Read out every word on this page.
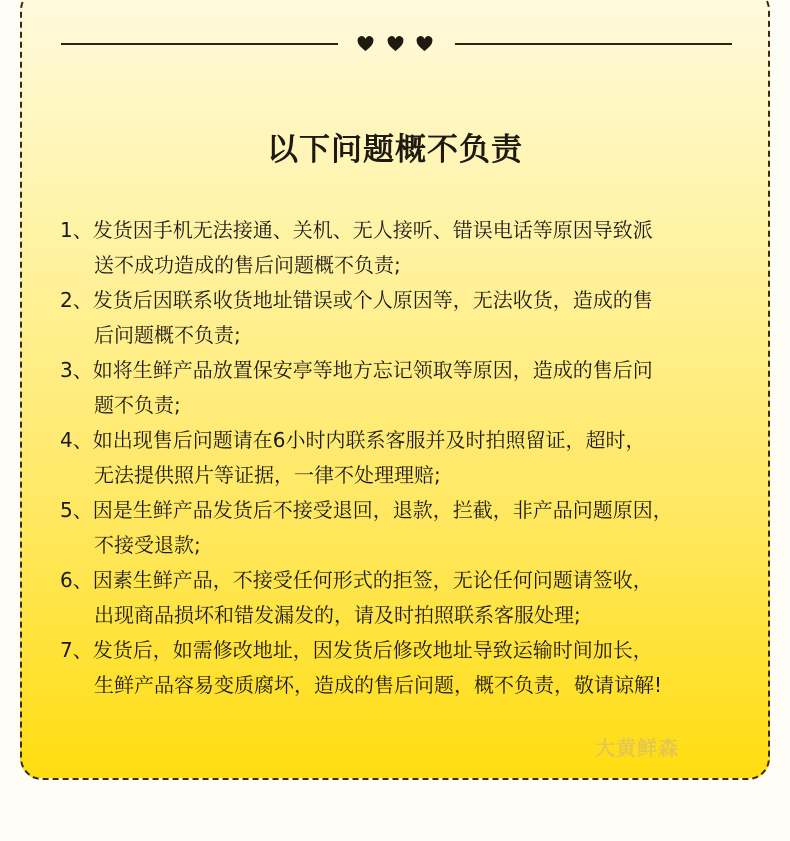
以下问题概不负责
1、发货因手机无法接通、关机、无人接听、错误电话等原因导致派
送不成功造成的售后问题概不负责;
2、发货后因联系收货地址错误或个人原因等，无法收货，造成的售
后问题概不负责;
3、如将生鲜产品放置保安亭等地方忘记领取等原因，造成的售后问
题不负责;
4、如出现售后问题请在6小时内联系客服并及时拍照留证，超时，
无法提供照片等证据，一律不处理理赔;
5、因是生鲜产品发货后不接受退回，退款，拦截，非产品问题原因，
不接受退款;
6、因素生鲜产品，不接受任何形式的拒签，无论任何问题请签收，
出现商品损坏和错发漏发的，请及时拍照联系客服处理;
7、发货后，如需修改地址，因发货后修改地址导致运输时间加长，
生鲜产品容易变质腐坏，造成的售后问题，概不负责，敬请谅解!
大黄鲜森
